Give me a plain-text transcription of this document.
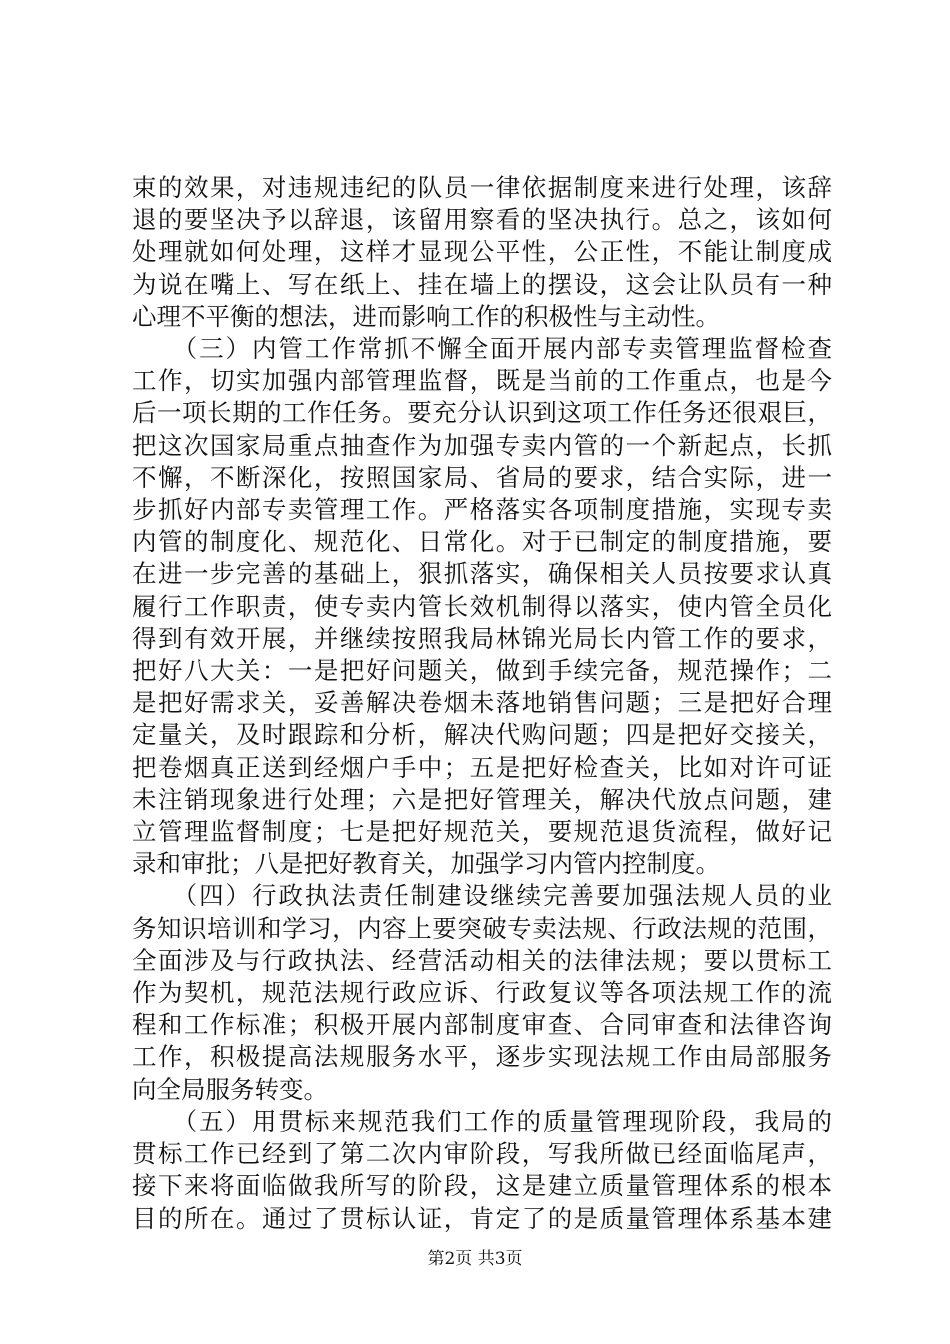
束的效果，对违规违纪的队员一律依据制度来进行处理，该辞

退的要坚决予以辞退，该留用察看的坚决执行。总之，该如何

处理就如何处理，这样才显现公平性，公正性，不能让制度成

为说在嘴上、写在纸上、挂在墙上的摆设，这会让队员有一种

心理不平衡的想法，进而影响工作的积极性与主动性。

　　（三）内管工作常抓不懈全面开展内部专卖管理监督检查

工作，切实加强内部管理监督，既是当前的工作重点，也是今

后一项长期的工作任务。要充分认识到这项工作任务还很艰巨，

把这次国家局重点抽查作为加强专卖内管的一个新起点，长抓

不懈，不断深化，按照国家局、省局的要求，结合实际，进一

步抓好内部专卖管理工作。严格落实各项制度措施，实现专卖

内管的制度化、规范化、日常化。对于已制定的制度措施，要

在进一步完善的基础上，狠抓落实，确保相关人员按要求认真

履行工作职责，使专卖内管长效机制得以落实，使内管全员化

得到有效开展，并继续按照我局林锦光局长内管工作的要求，

把好八大关：一是把好问题关，做到手续完备，规范操作；二

是把好需求关，妥善解决卷烟未落地销售问题；三是把好合理

定量关，及时跟踪和分析，解决代购问题；四是把好交接关，

把卷烟真正送到经烟户手中；五是把好检查关，比如对许可证

未注销现象进行处理；六是把好管理关，解决代放点问题，建

立管理监督制度；七是把好规范关，要规范退货流程，做好记

录和审批；八是把好教育关，加强学习内管内控制度。

　　（四）行政执法责任制建设继续完善要加强法规人员的业

务知识培训和学习，内容上要突破专卖法规、行政法规的范围，

全面涉及与行政执法、经营活动相关的法律法规；要以贯标工

作为契机，规范法规行政应诉、行政复议等各项法规工作的流

程和工作标准；积极开展内部制度审查、合同审查和法律咨询

工作，积极提高法规服务水平，逐步实现法规工作由局部服务

向全局服务转变。

　　（五）用贯标来规范我们工作的质量管理现阶段，我局的

贯标工作已经到了第二次内审阶段，写我所做已经面临尾声，

接下来将面临做我所写的阶段，这是建立质量管理体系的根本

目的所在。通过了贯标认证，肯定了的是质量管理体系基本建

第2页 共3页
